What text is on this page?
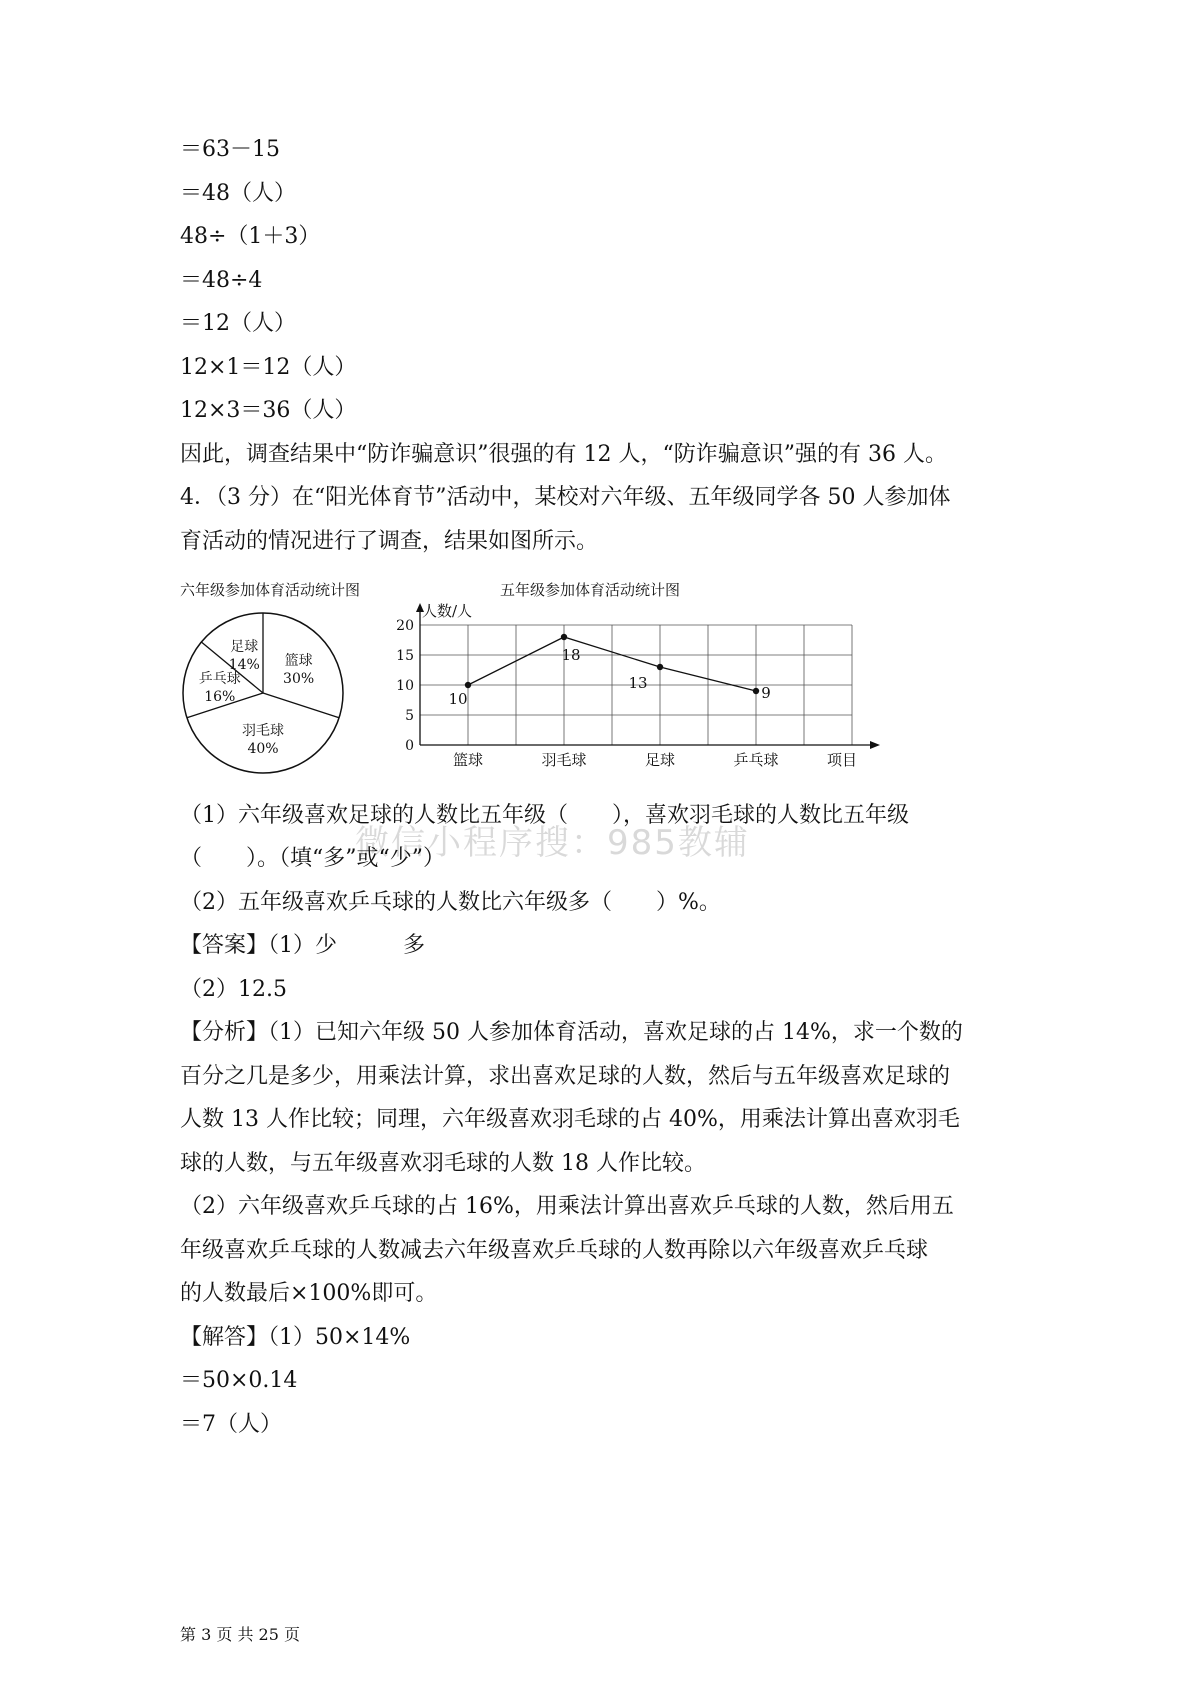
＝63－15
＝48（人）
48÷（1＋3）
＝48÷4
＝12（人）
12×1＝12（人）
12×3＝36（人）
因此，调查结果中“防诈骗意识”很强的有 12 人，“防诈骗意识”强的有 36 人。
4．（3 分）在“阳光体育节”活动中，某校对六年级、五年级同学各 50 人参加体
育活动的情况进行了调查，结果如图所示。
六年级参加体育活动统计图	五年级参加体育活动统计图
篮球
30%
羽毛球
40%
乒乓球
16%
足球
14%
0
5
10
15
20
人数/人
篮球	羽毛球	足球	乒乓球	项目
10
18
13
9
微信小程序搜：985教辅
（1）六年级喜欢足球的人数比五年级（　　），喜欢羽毛球的人数比五年级
（　　）。（填“多”或“少”）
（2）五年级喜欢乒乓球的人数比六年级多（　　）%。
【答案】（1）少　　　多
（2）12.5
【分析】（1）已知六年级 50 人参加体育活动，喜欢足球的占 14%，求一个数的
百分之几是多少，用乘法计算，求出喜欢足球的人数，然后与五年级喜欢足球的
人数 13 人作比较；同理，六年级喜欢羽毛球的占 40%，用乘法计算出喜欢羽毛
球的人数，与五年级喜欢羽毛球的人数 18 人作比较。
（2）六年级喜欢乒乓球的占 16%，用乘法计算出喜欢乒乓球的人数，然后用五
年级喜欢乒乓球的人数减去六年级喜欢乒乓球的人数再除以六年级喜欢乒乓球
的人数最后×100%即可。
【解答】（1）50×14%
＝50×0.14
＝7（人）
第 3 页 共 25 页
